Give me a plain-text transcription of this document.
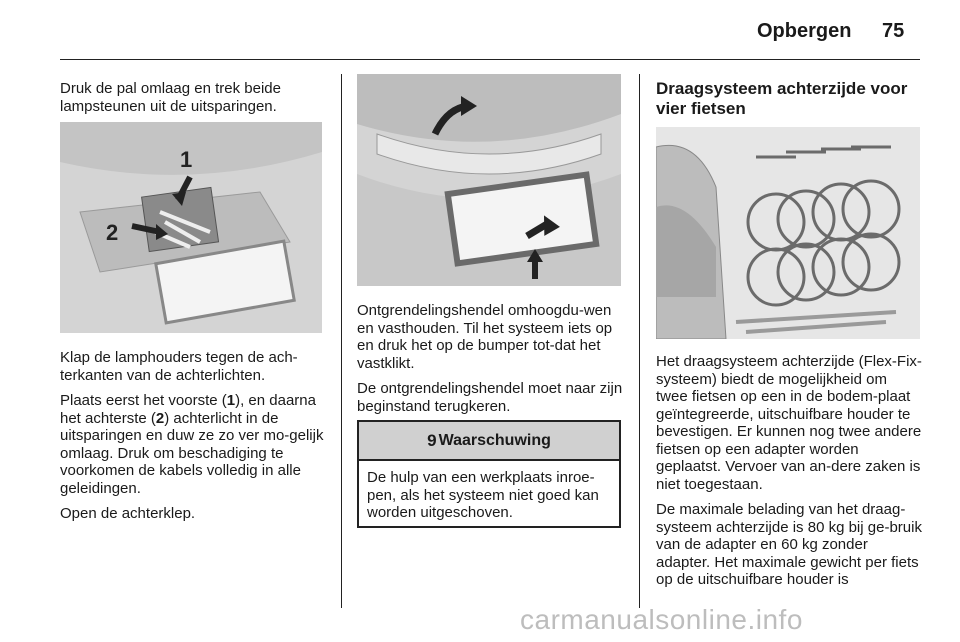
Opbergen 75

Druk de pal omlaag en trek beide lampsteunen uit de uitsparingen.

1
2

Klap de lamphouders tegen de ach-terkanten van de achterlichten.

Plaats eerst het voorste (1), en daarna het achterste (2) achterlicht in de uitsparingen en duw ze zo ver mo-gelijk omlaag. Druk om beschadiging te voorkomen de kabels volledig in alle geleidingen.

Open de achterklep.

Ontgrendelingshendel omhoogdu-wen en vasthouden. Til het systeem iets op en druk het op de bumper tot-dat het vastklikt.

De ontgrendelingshendel moet naar zijn beginstand terugkeren.

9 Waarschuwing
De hulp van een werkplaats inroe-pen, als het systeem niet goed kan worden uitgeschoven.
Draagsysteem achterzijde voor vier fietsen

Het draagsysteem achterzijde (Flex-Fix-systeem) biedt de mogelijkheid om twee fietsen op een in de bodem-plaat geïntegreerde, uitschuifbare houder te bevestigen. Er kunnen nog twee andere fietsen op een adapter worden geplaatst. Vervoer van an-dere zaken is niet toegestaan.

De maximale belading van het draag-systeem achterzijde is 80 kg bij ge-bruik van de adapter en 60 kg zonder adapter. Het maximale gewicht per fiets op de uitschuifbare houder is

carmanualsonline.info
